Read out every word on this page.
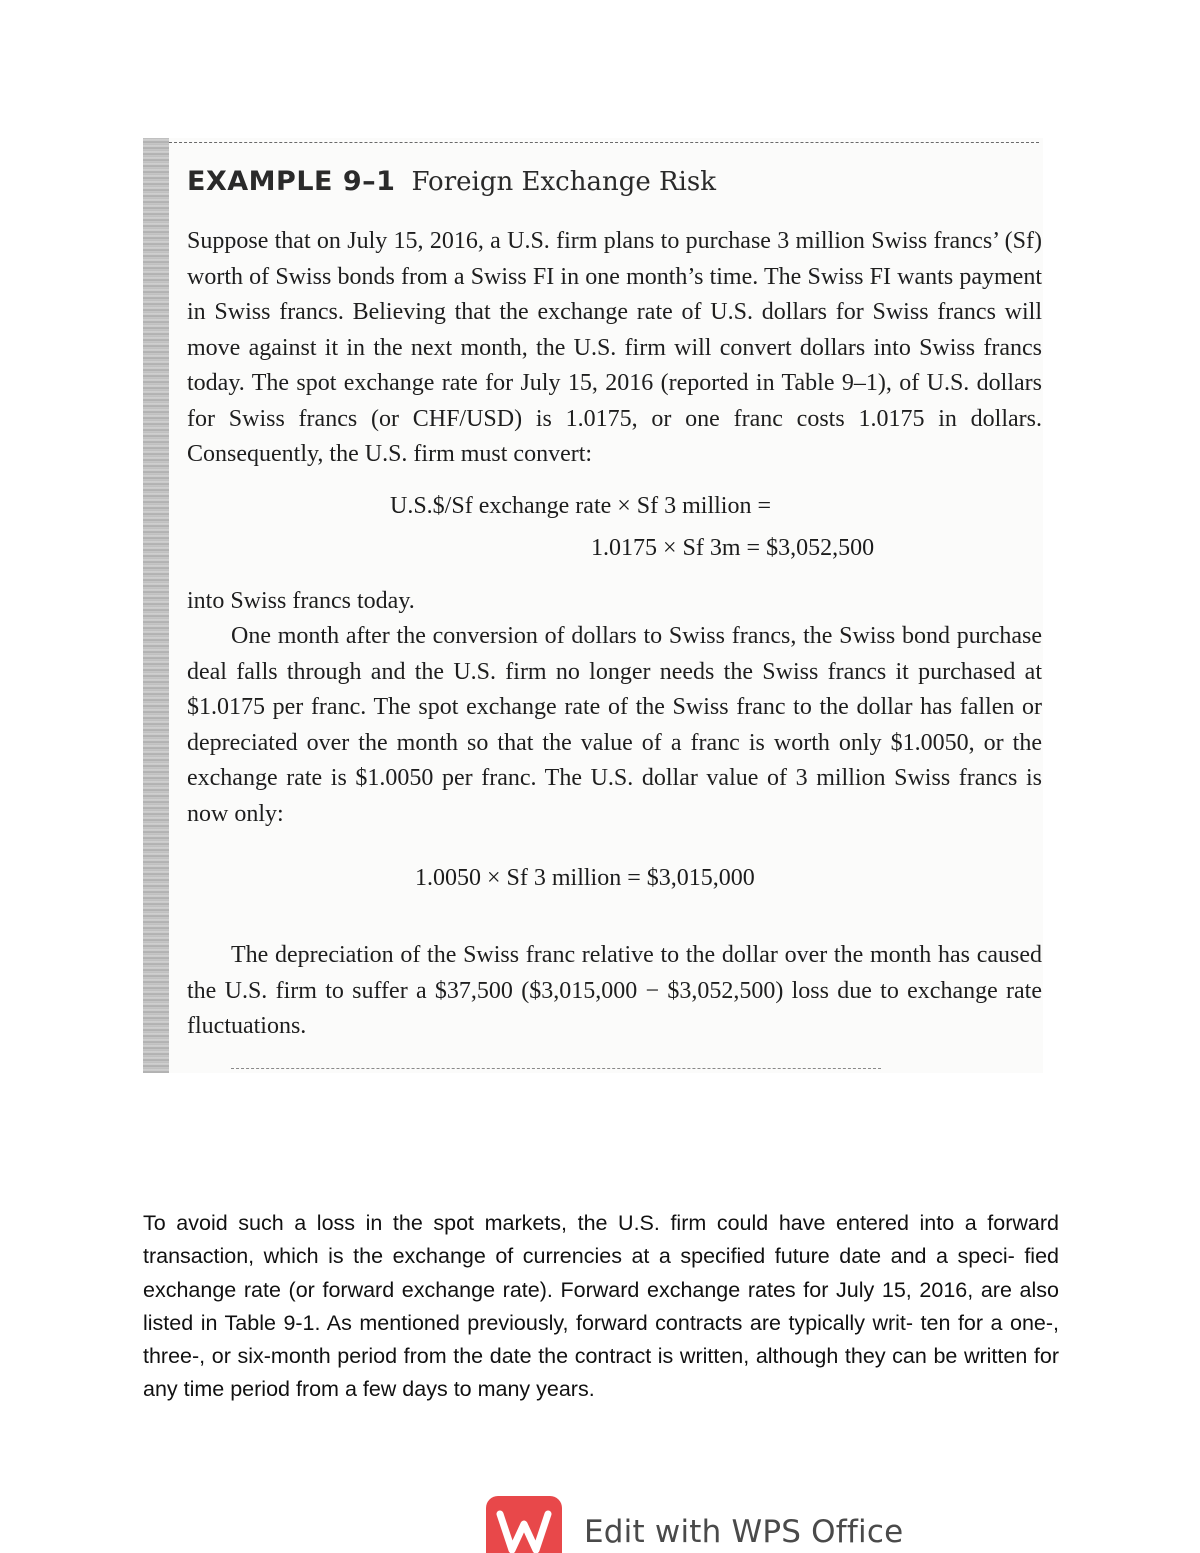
EXAMPLE 9–1 Foreign Exchange Risk
Suppose that on July 15, 2016, a U.S. firm plans to purchase 3 million Swiss francs’ (Sf) worth of Swiss bonds from a Swiss FI in one month’s time. The Swiss FI wants payment in Swiss francs. Believing that the exchange rate of U.S. dollars for Swiss francs will move against it in the next month, the U.S. firm will convert dollars into Swiss francs today. The spot exchange rate for July 15, 2016 (reported in Table 9–1), of U.S. dollars for Swiss francs (or CHF/USD) is 1.0175, or one franc costs 1.0175 in dollars. Consequently, the U.S. firm must convert:
U.S.$/Sf exchange rate × Sf 3 million =
1.0175 × Sf 3m = $3,052,500
into Swiss francs today.
One month after the conversion of dollars to Swiss francs, the Swiss bond purchase deal falls through and the U.S. firm no longer needs the Swiss francs it purchased at $1.0175 per franc. The spot exchange rate of the Swiss franc to the dollar has fallen or depreciated over the month so that the value of a franc is worth only $1.0050, or the exchange rate is $1.0050 per franc. The U.S. dollar value of 3 million Swiss francs is now only:
1.0050 × Sf 3 million = $3,015,000
The depreciation of the Swiss franc relative to the dollar over the month has caused the U.S. firm to suffer a $37,500 ($3,015,000 − $3,052,500) loss due to exchange rate fluctuations.
To avoid such a loss in the spot markets, the U.S. firm could have entered into a forward transaction, which is the exchange of currencies at a specified future date and a speci- fied exchange rate (or forward exchange rate). Forward exchange rates for July 15, 2016, are also listed in Table 9-1. As mentioned previously, forward contracts are typically writ- ten for a one-, three-, or six-month period from the date the contract is written, although they can be written for any time period from a few days to many years.
Edit with WPS Office
